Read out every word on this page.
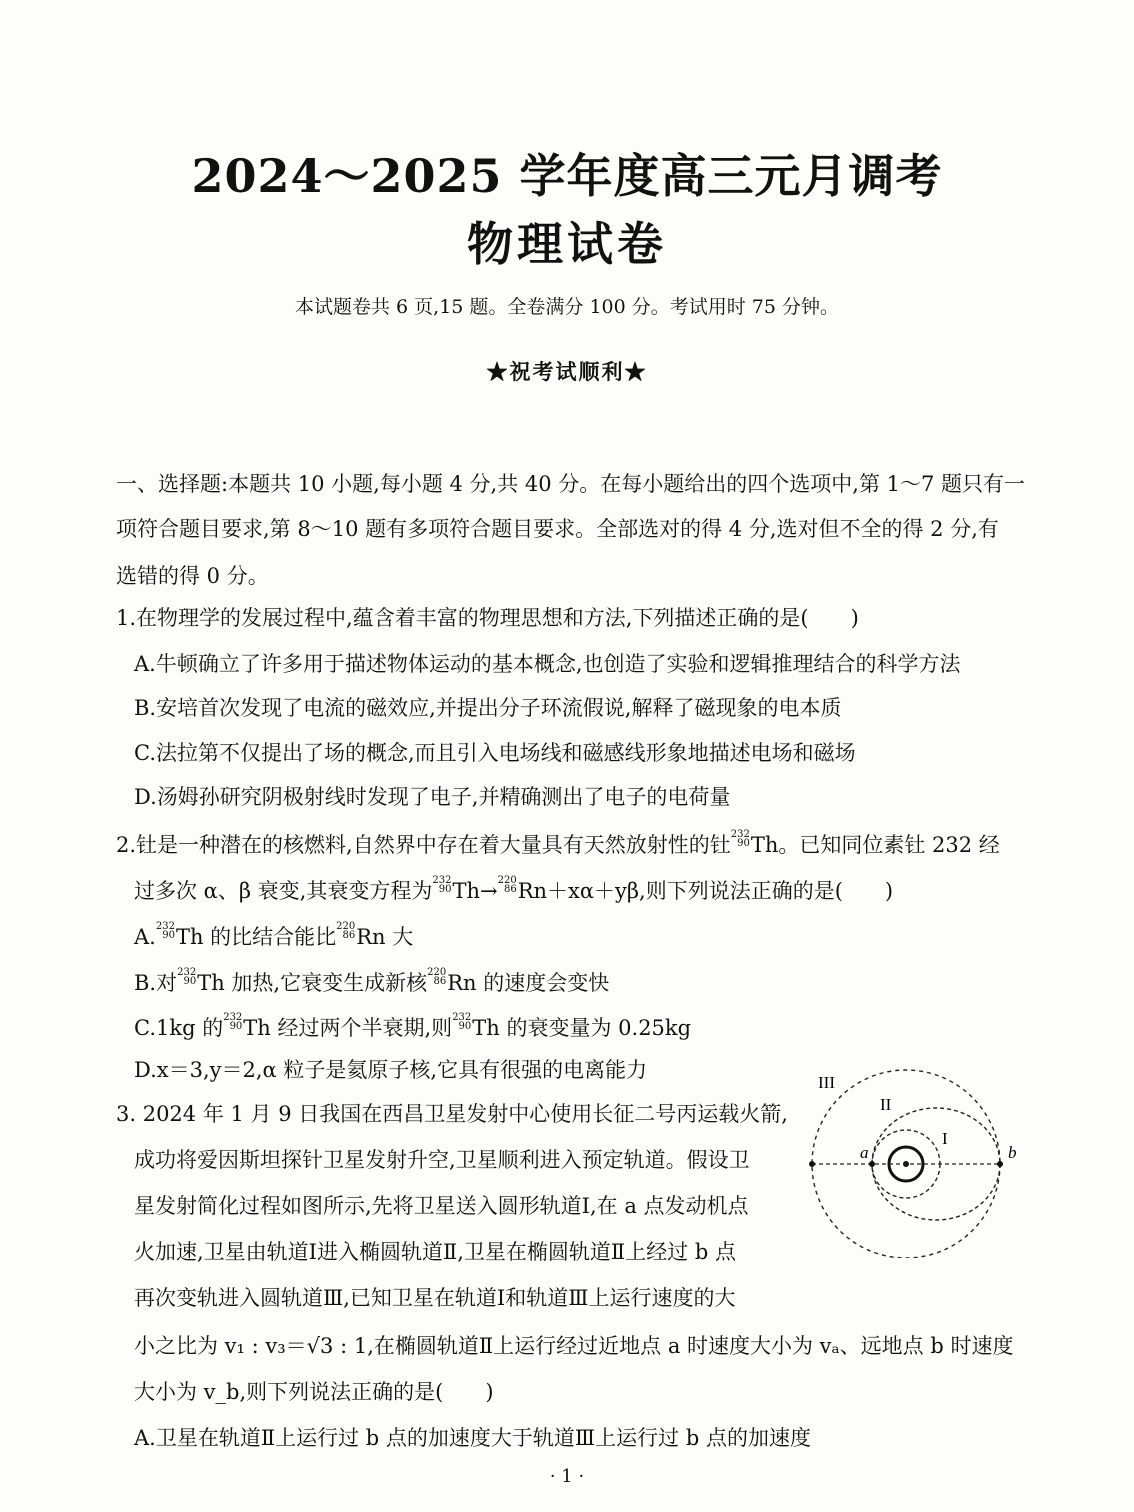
2024～2025 学年度高三元月调考
物理试卷
本试题卷共 6 页,15 题。全卷满分 100 分。考试用时 75 分钟。
★祝考试顺利★
一、选择题:本题共 10 小题,每小题 4 分,共 40 分。在每小题给出的四个选项中,第 1～7 题只有一
项符合题目要求,第 8～10 题有多项符合题目要求。全部选对的得 4 分,选对但不全的得 2 分,有
选错的得 0 分。
1.在物理学的发展过程中,蕴含着丰富的物理思想和方法,下列描述正确的是(　　)
A.牛顿确立了许多用于描述物体运动的基本概念,也创造了实验和逻辑推理结合的科学方法
B.安培首次发现了电流的磁效应,并提出分子环流假说,解释了磁现象的电本质
C.法拉第不仅提出了场的概念,而且引入电场线和磁感线形象地描述电场和磁场
D.汤姆孙研究阴极射线时发现了电子,并精确测出了电子的电荷量
2.钍是一种潜在的核燃料,自然界中存在着大量具有天然放射性的钍 $^{232 90}$ Th。已知同位素钍 232 经
过多次 α、β 衰变,其衰变方程为 $^{232 90}$ Th→ $^{220 86}$ Rn＋xα＋yβ,则下列说法正确的是(　　)
A. $^{232 90}$ Th 的比结合能比 $^{220 86}$ Rn 大
B.对 $^{232 90}$ Th 加热,它衰变生成新核 $^{220 86}$ Rn 的速度会变快
C.1kg 的 $^{232 90}$ Th 经过两个半衰期,则 $^{232 90}$ Th 的衰变量为 0.25kg
D.x＝3,y＝2,α 粒子是氦原子核,它具有很强的电离能力
3. 2024 年 1 月 9 日我国在西昌卫星发射中心使用长征二号丙运载火箭,
成功将爱因斯坦探针卫星发射升空,卫星顺利进入预定轨道。假设卫
星发射简化过程如图所示,先将卫星送入圆形轨道Ⅰ,在 a 点发动机点
火加速,卫星由轨道Ⅰ进入椭圆轨道Ⅱ,卫星在椭圆轨道Ⅱ上经过 b 点
再次变轨进入圆轨道Ⅲ,已知卫星在轨道Ⅰ和轨道Ⅲ上运行速度的大
小之比为 v₁ : v₃＝√3 : 1,在椭圆轨道Ⅱ上运行经过近地点 a 时速度大小为 vₐ、远地点 b 时速度
大小为 v_b,则下列说法正确的是(　　)
A.卫星在轨道Ⅱ上运行过 b 点的加速度大于轨道Ⅲ上运行过 b 点的加速度
III
II
I
a	b
· 1 ·
